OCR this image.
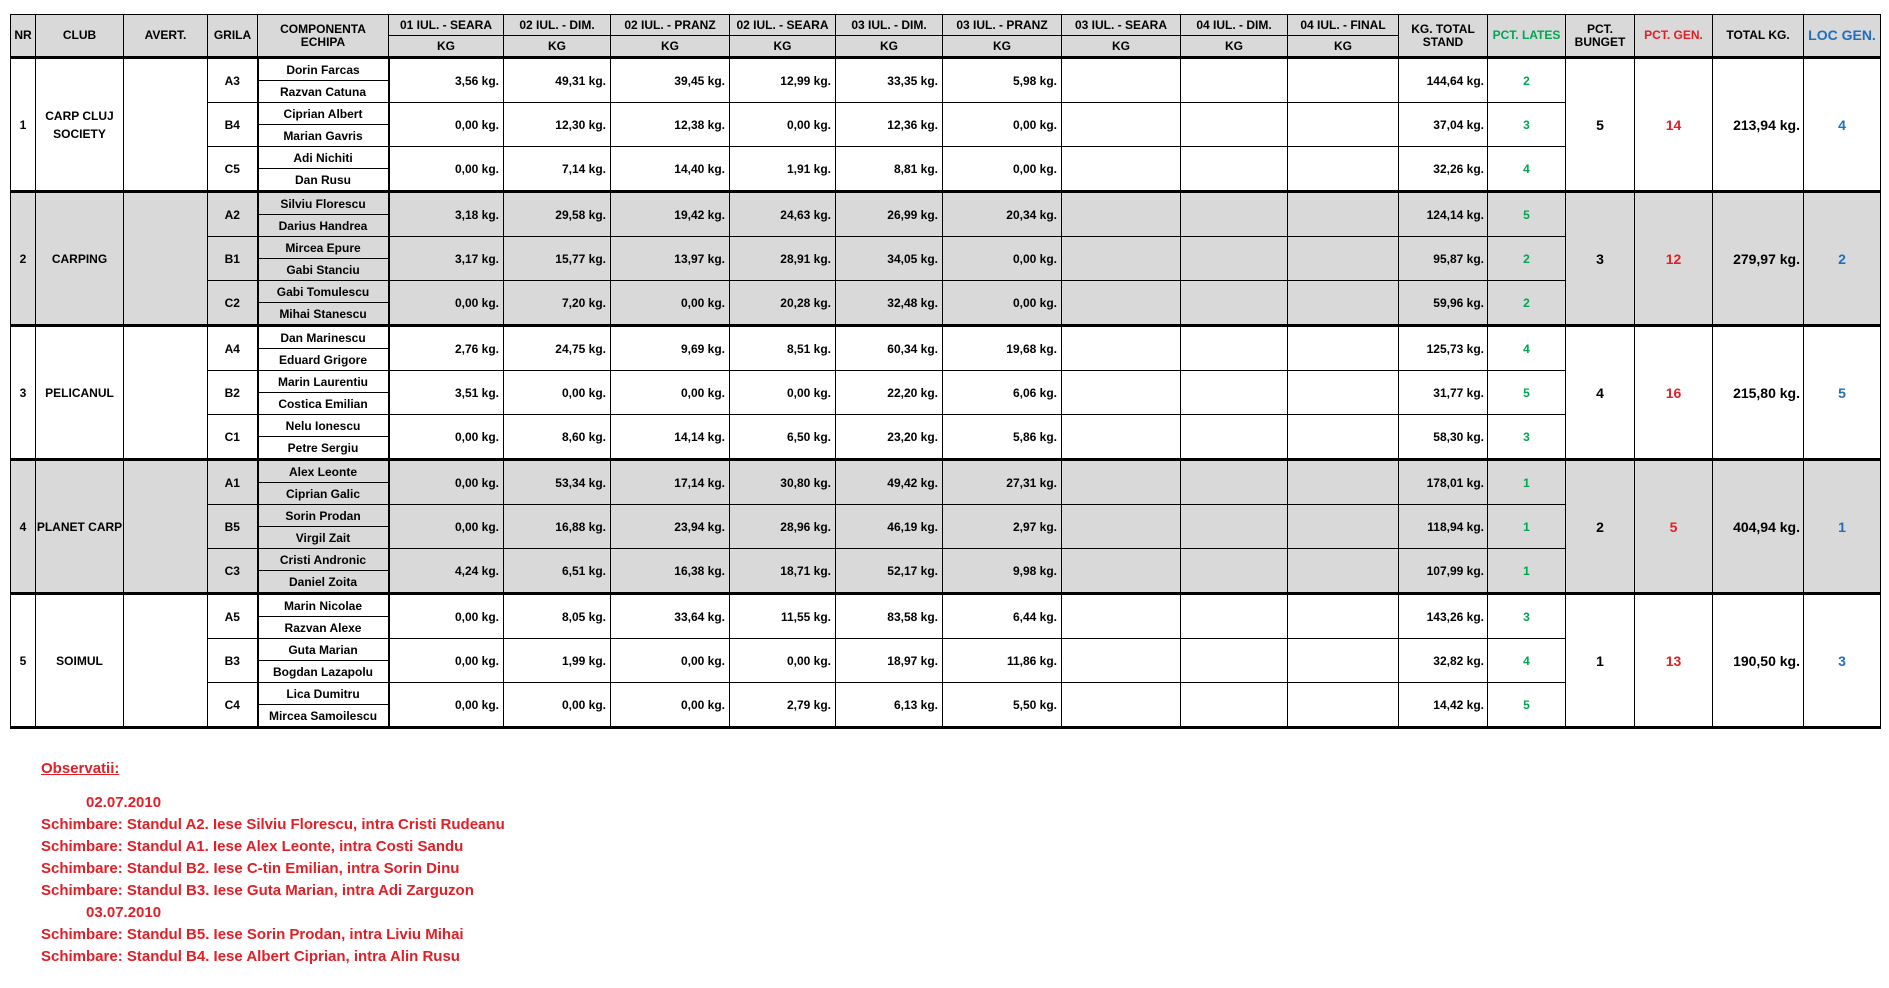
NR	CLUB	AVERT.	GRILA	COMPONENTA ECHIPA	01 IUL. - SEARA	02 IUL. - DIM.	02 IUL. - PRANZ	02 IUL. - SEARA	03 IUL. - DIM.	03 IUL. - PRANZ	03 IUL. - SEARA	04 IUL. - DIM.	04 IUL. - FINAL	KG. TOTAL STAND	PCT. LATES	PCT. BUNGET	PCT. GEN.	TOTAL KG.	LOC GEN.
					KG	KG	KG	KG	KG	KG	KG	KG	KG						
1	CARP CLUJ SOCIETY		A3	Dorin Farcas	3,56 kg.	49,31 kg.	39,45 kg.	12,99 kg.	33,35 kg.	5,98 kg.				144,64 kg.	2	5	14	213,94 kg.	4
				Razvan Catuna															
			B4	Ciprian Albert	0,00 kg.	12,30 kg.	12,38 kg.	0,00 kg.	12,36 kg.	0,00 kg.				37,04 kg.	3				
				Marian Gavris															
			C5	Adi Nichiti	0,00 kg.	7,14 kg.	14,40 kg.	1,91 kg.	8,81 kg.	0,00 kg.				32,26 kg.	4				
				Dan Rusu															
2	CARPING		A2	Silviu Florescu	3,18 kg.	29,58 kg.	19,42 kg.	24,63 kg.	26,99 kg.	20,34 kg.				124,14 kg.	5	3	12	279,97 kg.	2
				Darius Handrea															
			B1	Mircea Epure	3,17 kg.	15,77 kg.	13,97 kg.	28,91 kg.	34,05 kg.	0,00 kg.				95,87 kg.	2				
				Gabi Stanciu															
			C2	Gabi Tomulescu	0,00 kg.	7,20 kg.	0,00 kg.	20,28 kg.	32,48 kg.	0,00 kg.				59,96 kg.	2				
				Mihai Stanescu															
3	PELICANUL		A4	Dan Marinescu	2,76 kg.	24,75 kg.	9,69 kg.	8,51 kg.	60,34 kg.	19,68 kg.				125,73 kg.	4	4	16	215,80 kg.	5
				Eduard Grigore															
			B2	Marin Laurentiu	3,51 kg.	0,00 kg.	0,00 kg.	0,00 kg.	22,20 kg.	6,06 kg.				31,77 kg.	5				
				Costica Emilian															
			C1	Nelu Ionescu	0,00 kg.	8,60 kg.	14,14 kg.	6,50 kg.	23,20 kg.	5,86 kg.				58,30 kg.	3				
				Petre Sergiu															
4	PLANET CARP		A1	Alex Leonte	0,00 kg.	53,34 kg.	17,14 kg.	30,80 kg.	49,42 kg.	27,31 kg.				178,01 kg.	1	2	5	404,94 kg.	1
				Ciprian Galic															
			B5	Sorin Prodan	0,00 kg.	16,88 kg.	23,94 kg.	28,96 kg.	46,19 kg.	2,97 kg.				118,94 kg.	1				
				Virgil Zait															
			C3	Cristi Andronic	4,24 kg.	6,51 kg.	16,38 kg.	18,71 kg.	52,17 kg.	9,98 kg.				107,99 kg.	1				
				Daniel Zoita															
5	SOIMUL		A5	Marin Nicolae	0,00 kg.	8,05 kg.	33,64 kg.	11,55 kg.	83,58 kg.	6,44 kg.				143,26 kg.	3	1	13	190,50 kg.	3
				Razvan Alexe															
			B3	Guta Marian	0,00 kg.	1,99 kg.	0,00 kg.	0,00 kg.	18,97 kg.	11,86 kg.				32,82 kg.	4				
				Bogdan Lazapolu															
			C4	Lica Dumitru	0,00 kg.	0,00 kg.	0,00 kg.	2,79 kg.	6,13 kg.	5,50 kg.				14,42 kg.	5				
				Mircea Samoilescu															
Observatii:
02.07.2010
Schimbare: Standul A2. Iese Silviu Florescu, intra Cristi Rudeanu
Schimbare: Standul A1. Iese Alex Leonte, intra Costi Sandu
Schimbare: Standul B2. Iese C-tin Emilian, intra Sorin Dinu
Schimbare: Standul B3. Iese Guta Marian, intra Adi Zarguzon
03.07.2010
Schimbare: Standul B5. Iese Sorin Prodan, intra Liviu Mihai
Schimbare: Standul B4. Iese Albert Ciprian, intra Alin Rusu
